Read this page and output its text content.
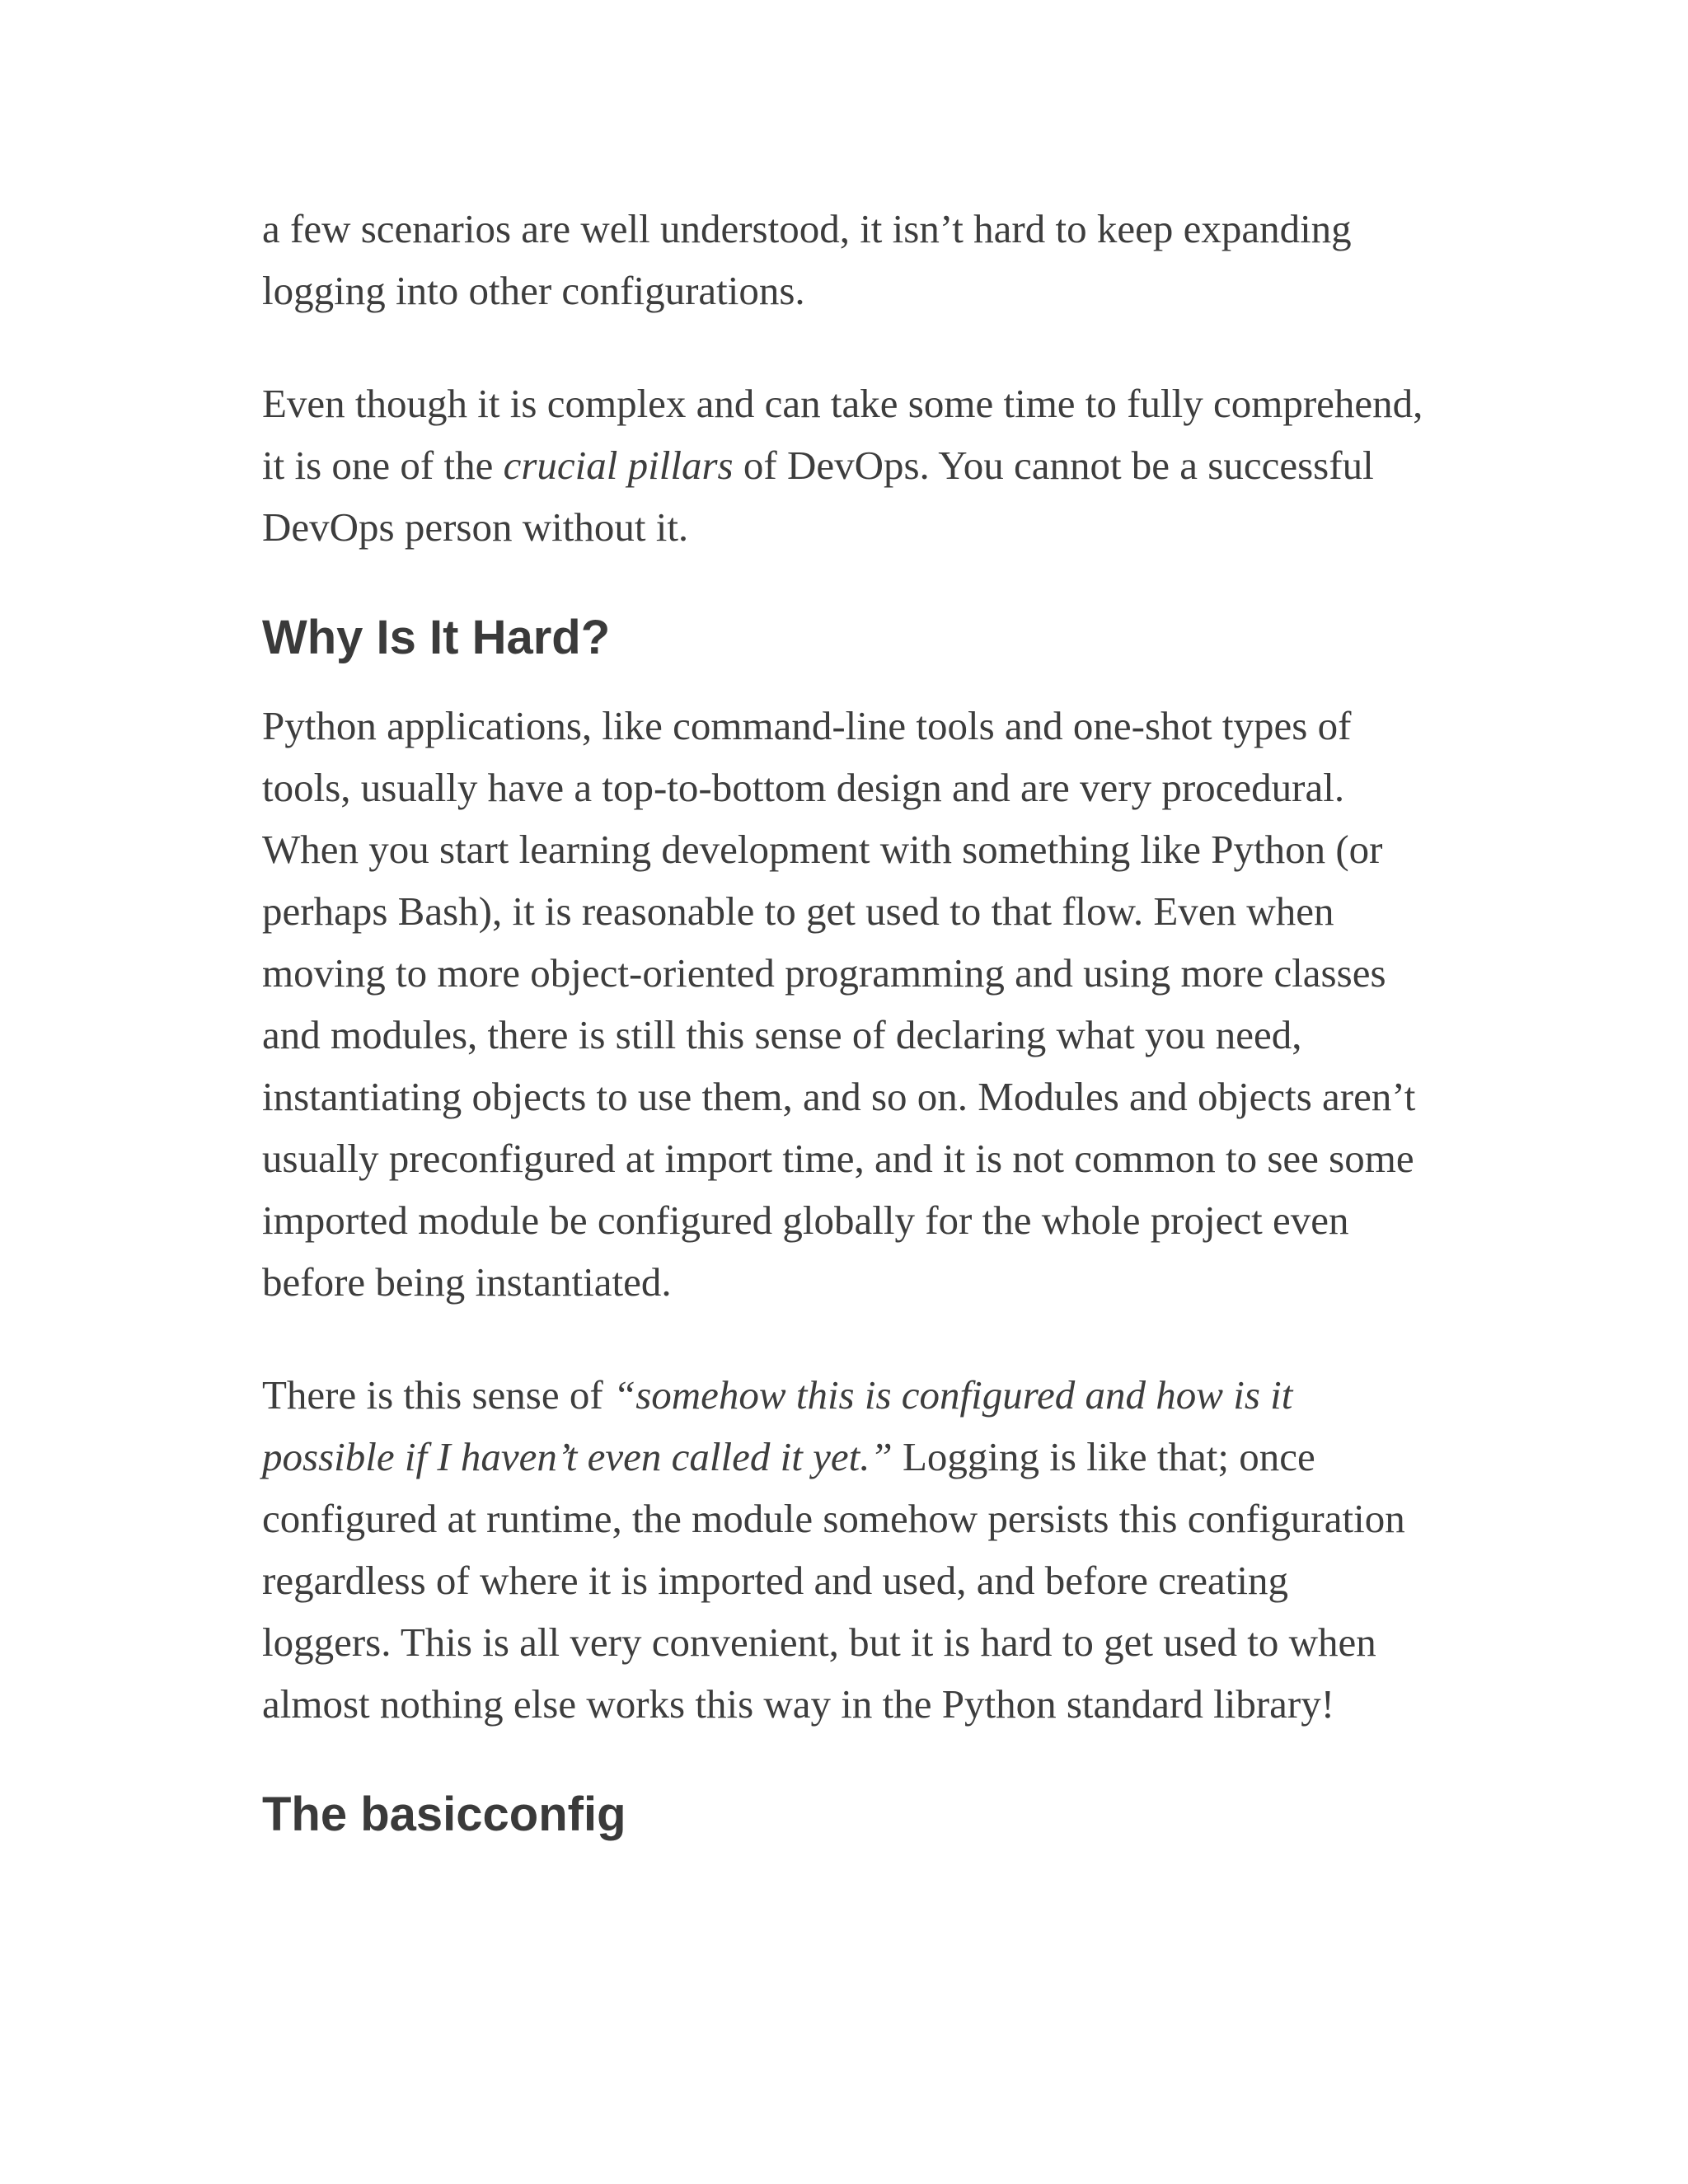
a few scenarios are well understood, it isn’t hard to keep expanding logging into other configurations.

Even though it is complex and can take some time to fully comprehend, it is one of the crucial pillars of DevOps. You cannot be a successful DevOps person without it.

Why Is It Hard?

Python applications, like command-line tools and one-shot types of tools, usually have a top-to-bottom design and are very procedural. When you start learning development with something like Python (or perhaps Bash), it is reasonable to get used to that flow. Even when moving to more object-oriented programming and using more classes and modules, there is still this sense of declaring what you need, instantiating objects to use them, and so on. Modules and objects aren’t usually preconfigured at import time, and it is not common to see some imported module be configured globally for the whole project even before being instantiated.

There is this sense of “somehow this is configured and how is it possible if I haven’t even called it yet.” Logging is like that; once configured at runtime, the module somehow persists this configuration regardless of where it is imported and used, and before creating loggers. This is all very convenient, but it is hard to get used to when almost nothing else works this way in the Python standard library!

The basicconfig
